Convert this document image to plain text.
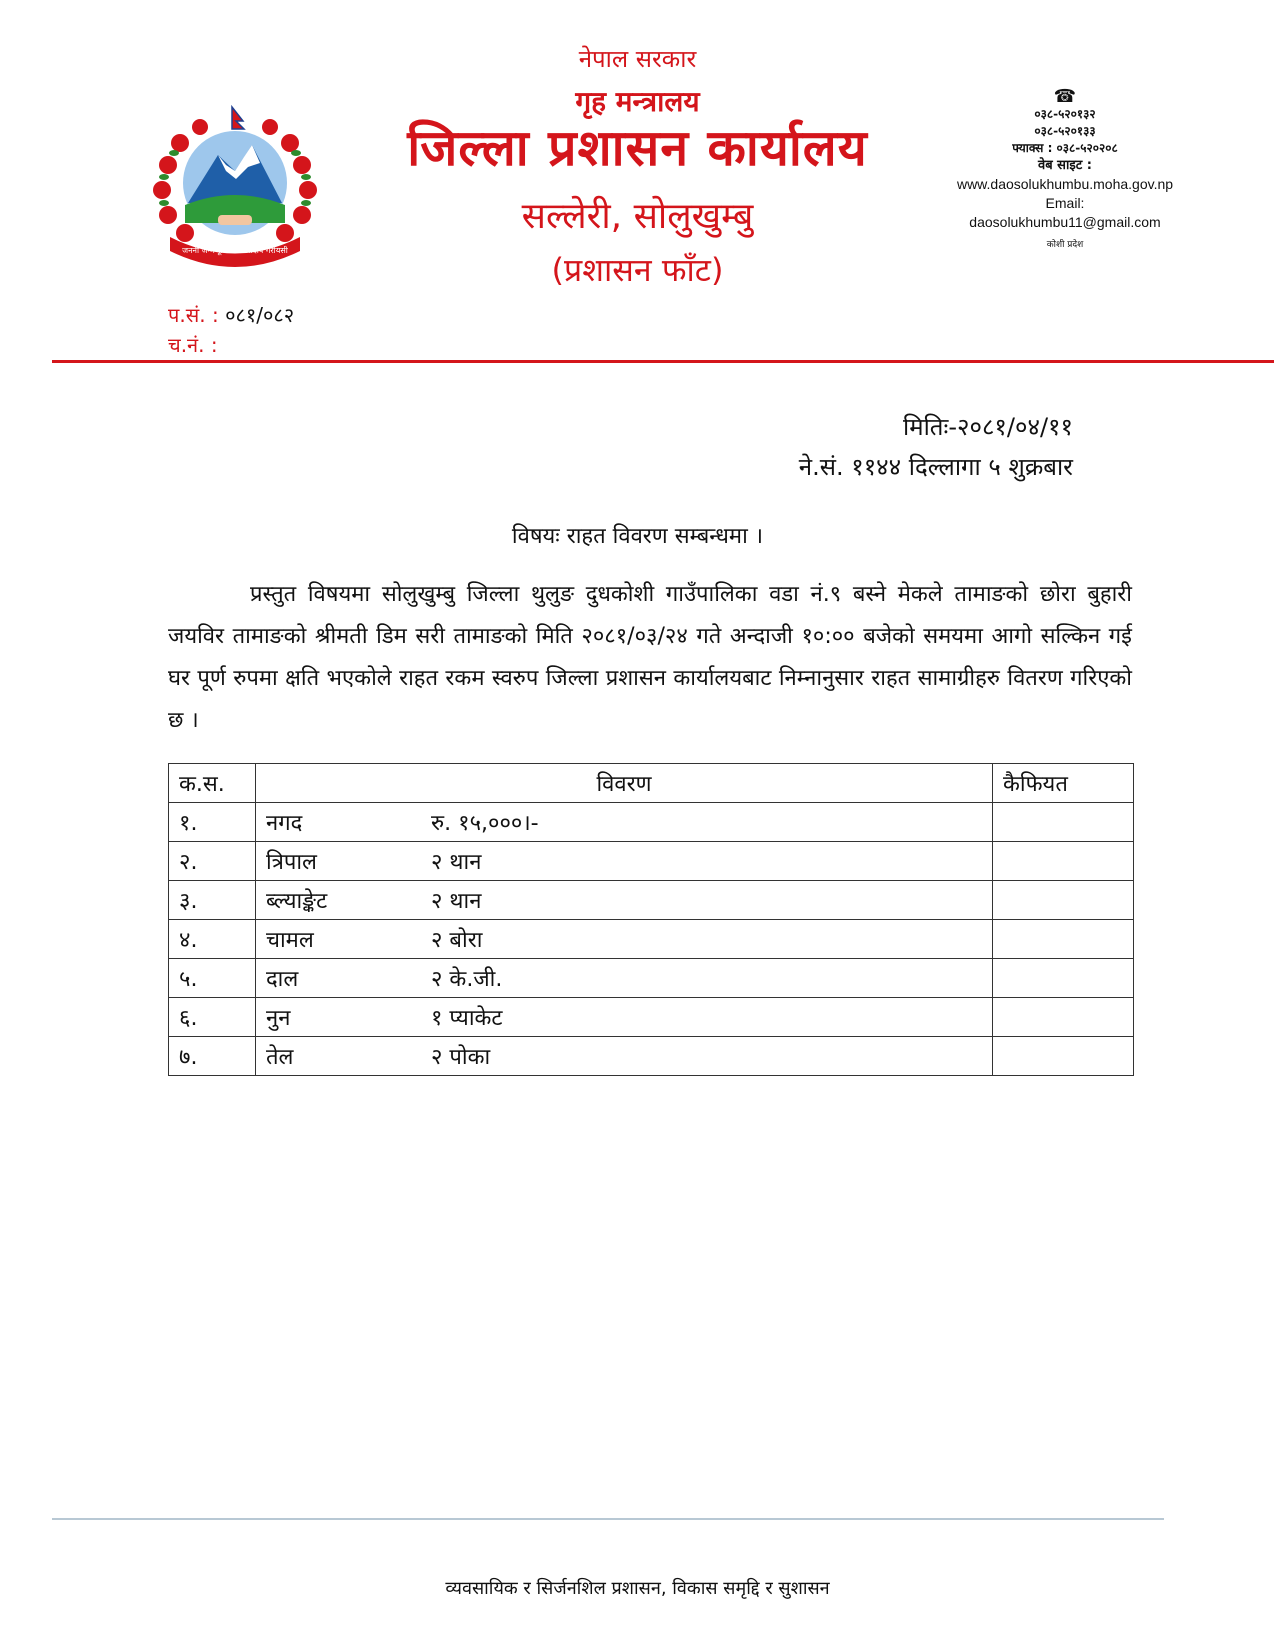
जननी जन्मभूमिश्च स्वर्गादपि गरीयसी
नेपाल सरकार
गृह मन्त्रालय
जिल्ला प्रशासन कार्यालय
सल्लेरी, सोलुखुम्बु
(प्रशासन फाँट)
☎
०३८-५२०१३२
०३८-५२०१३३
फ्याक्स : ०३८-५२०२०८
वेब साइट :
www.daosolukhumbu.moha.gov.np
Email:
daosolukhumbu11@gmail.com
कोशी प्रदेश
प.सं. : ०८१/०८२
च.नं. :
मितिः-२०८१/०४/११
ने.सं. ११४४ दिल्लागा ५ शुक्रबार
विषयः राहत विवरण सम्बन्धमा ।
प्रस्तुत विषयमा सोलुखुम्बु जिल्ला थुलुङ दुधकोशी गाउँपालिका वडा नं.९ बस्ने मेकले तामाङको छोरा बुहारी जयविर तामाङको श्रीमती डिम सरी तामाङको मिति २०८१/०३/२४ गते अन्दाजी १०:०० बजेको समयमा आगो सल्किन गई घर पूर्ण रुपमा क्षति भएकोले राहत रकम स्वरुप जिल्ला प्रशासन कार्यालयबाट निम्नानुसार राहत सामाग्रीहरु वितरण गरिएको छ ।
क.स.	विवरण	कैफियत
१.	नगद रु. १५,०००।-	
२.	त्रिपाल २ थान	
३.	ब्ल्याङ्केट २ थान	
४.	चामल २ बोरा	
५.	दाल २ के.जी.	
६.	नुन १ प्याकेट	
७.	तेल २ पोका	
व्यवसायिक र सिर्जनशिल प्रशासन, विकास समृद्दि र सुशासन
